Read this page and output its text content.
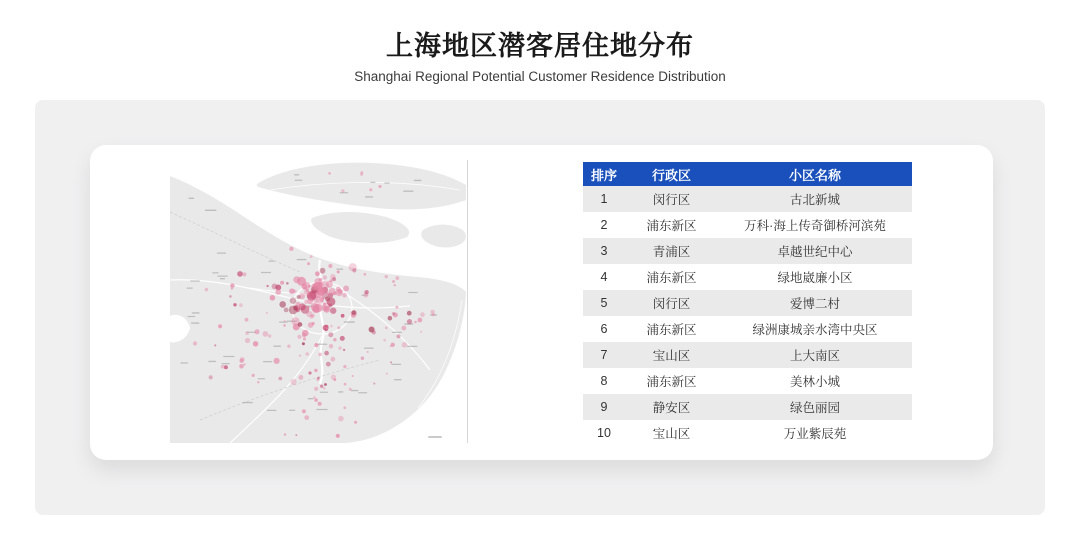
上海地区潜客居住地分布

Shanghai Regional Potential Customer Residence Distribution

排序	行政区	小区名称
1	闵行区	古北新城
2	浦东新区	万科·海上传奇御桥河滨苑
3	青浦区	卓越世纪中心
4	浦东新区	绿地崴廉小区
5	闵行区	爱博二村
6	浦东新区	绿洲康城亲水湾中央区
7	宝山区	上大南区
8	浦东新区	美林小城
9	静安区	绿色丽园
10	宝山区	万业紫辰苑
